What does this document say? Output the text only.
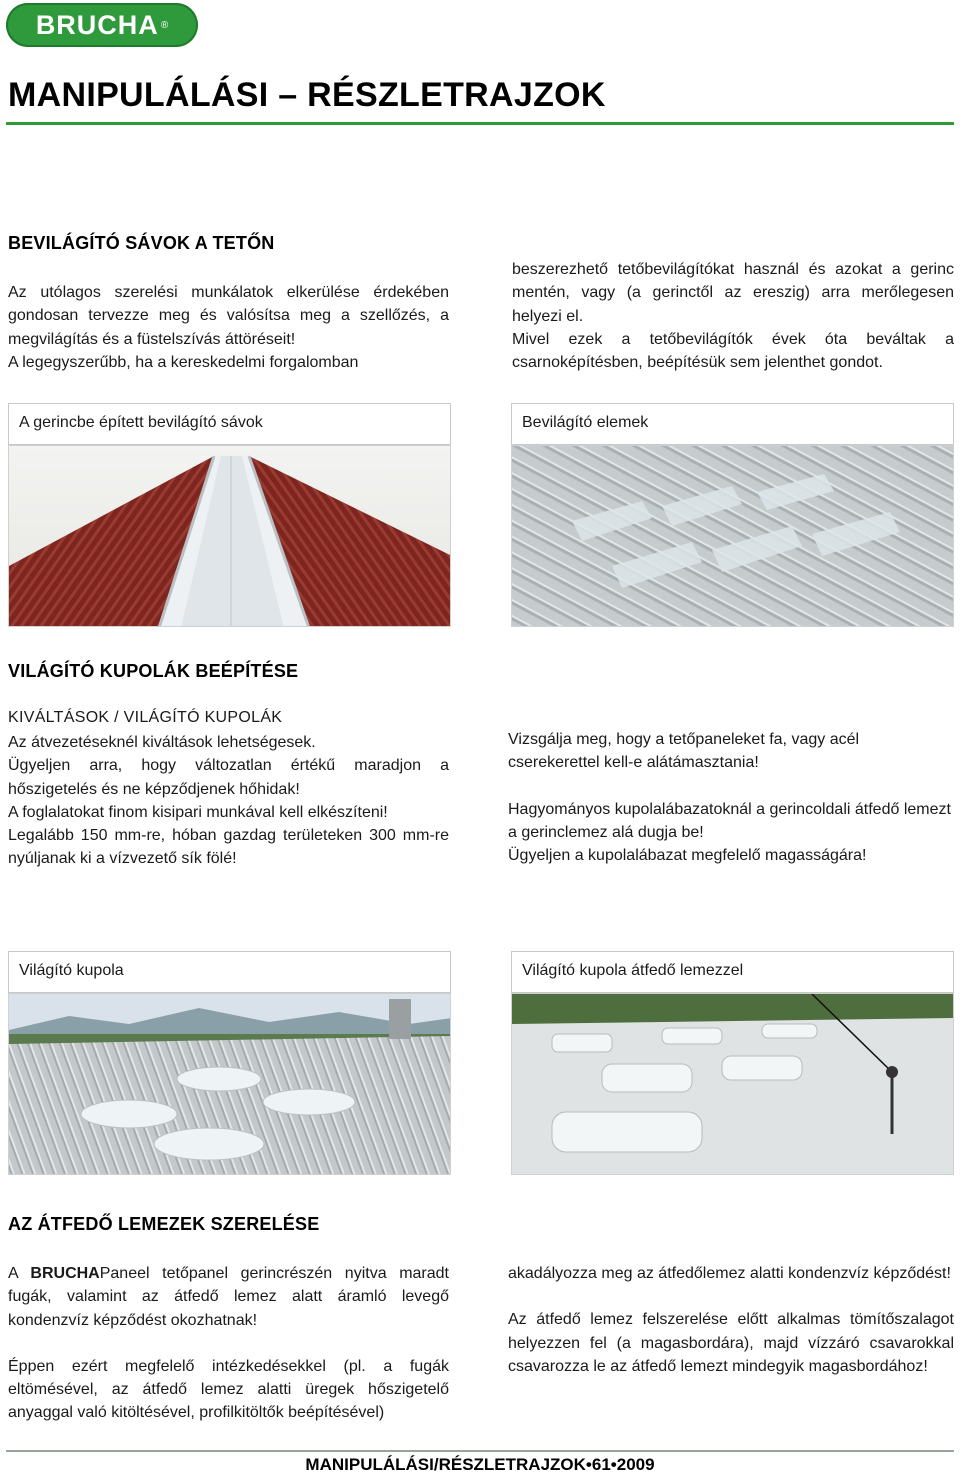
BRUCHA ®
MANIPULÁLÁSI – RÉSZLETRAJZOK
BEVILÁGÍTÓ SÁVOK A TETŐN

Az utólagos szerelési munkálatok elkerülése érdekében gondosan tervezze meg és valósítsa meg a szellőzés, a megvilágítás és a füstelszívás áttöréseit!

A legegyszerűbb, ha a kereskedelmi forgalomban

beszerezhető tetőbevilágítókat használ és azokat a gerinc mentén, vagy (a gerinctől az ereszig) arra merőlegesen helyezi el.

Mivel ezek a tetőbevilágítók évek óta beváltak a csarnoképítésben, beépítésük sem jelenthet gondot.

A gerincbe épített bevilágító sávok	Bevilágító elemek
VILÁGÍTÓ KUPOLÁK BEÉPÍTÉSE
KIVÁLTÁSOK / VILÁGÍTÓ KUPOLÁK

Az átvezetéseknél kiváltások lehetségesek.

Ügyeljen arra, hogy változatlan értékű maradjon a hőszigetelés és ne képződjenek hőhidak!

A foglalatokat finom kisipari munkával kell elkészíteni!

Legalább 150 mm-re, hóban gazdag területeken 300 mm-re nyúljanak ki a vízvezető sík fölé!

Vizsgálja meg, hogy a tetőpaneleket fa, vagy acél cserekerettel kell-e alátámasztania!

Hagyományos kupolalábazatoknál a gerincoldali átfedő lemezt a gerinclemez alá dugja be!

Ügyeljen a kupolalábazat megfelelő magasságára!

Világító kupola	Világító kupola átfedő lemezzel
AZ ÁTFEDŐ LEMEZEK SZERELÉSE

A BRUCHAPaneel tetőpanel gerincrészén nyitva maradt fugák, valamint az átfedő lemez alatt áramló levegő kondenzvíz képződést okozhatnak!

Éppen ezért megfelelő intézkedésekkel (pl. a fugák eltömésével, az átfedő lemez alatti üregek hőszigetelő anyaggal való kitöltésével, profilkitöltők beépítésével)

akadályozza meg az átfedőlemez alatti kondenzvíz képződést!

Az átfedő lemez felszerelése előtt alkalmas tömítőszalagot helyezzen fel (a magasbordára), majd vízzáró csavarokkal csavarozza le az átfedő lemezt mindegyik magasbordához!

MANIPULÁLÁSI/RÉSZLETRAJZOK•61•2009
